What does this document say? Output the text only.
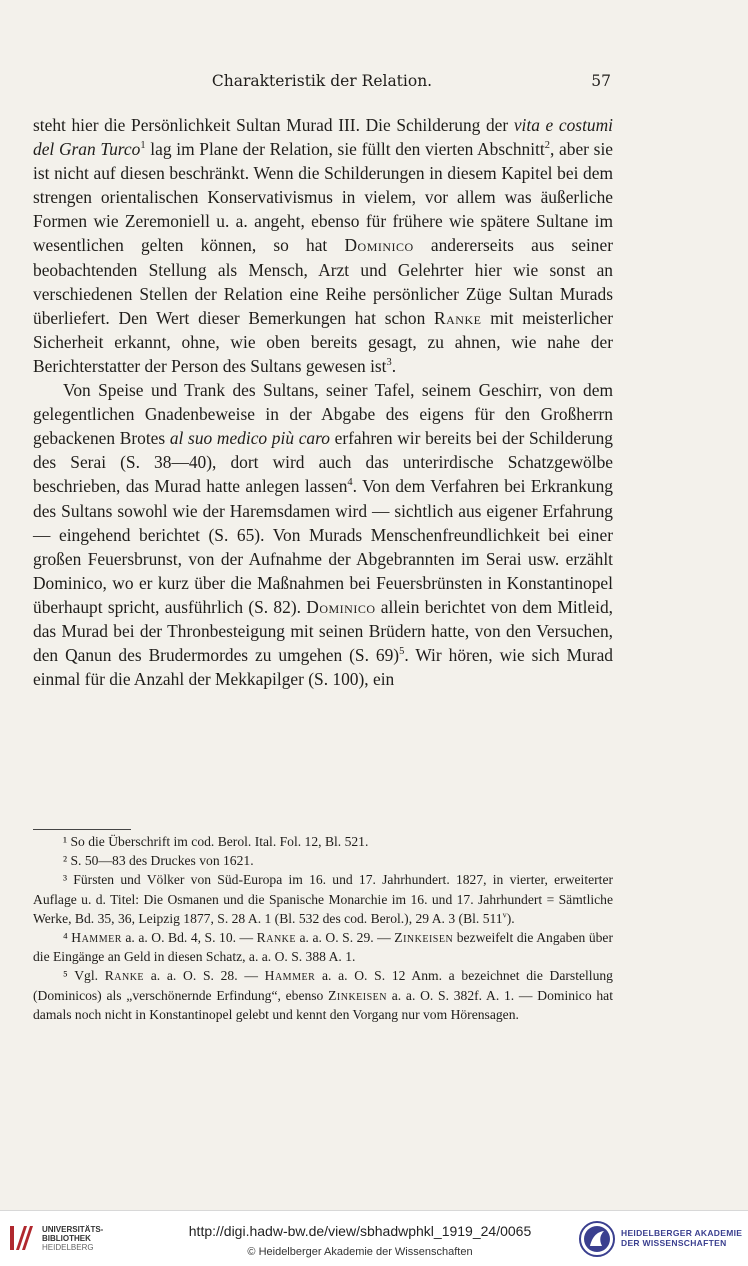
Charakteristik der Relation.	57

steht hier die Persönlichkeit Sultan Murad III. Die Schilderung der vita e costumi del Gran Turco$^1$ lag im Plane der Relation, sie füllt den vierten Abschnitt$^2$, aber sie ist nicht auf diesen beschränkt. Wenn die Schilderungen in diesem Kapitel bei dem strengen orientalischen Konservativismus in vielem, vor allem was äußerliche Formen wie Zeremoniell u. a. angeht, ebenso für frühere wie spätere Sultane im wesentlichen gelten können, so hat Dominico andererseits aus seiner beobachtenden Stellung als Mensch, Arzt und Gelehrter hier wie sonst an verschiedenen Stellen der Relation eine Reihe persönlicher Züge Sultan Murads überliefert. Den Wert dieser Bemerkungen hat schon Ranke mit meisterlicher Sicherheit erkannt, ohne, wie oben bereits gesagt, zu ahnen, wie nahe der Berichterstatter der Person des Sultans gewesen ist$^3$.

Von Speise und Trank des Sultans, seiner Tafel, seinem Geschirr, von dem gelegentlichen Gnadenbeweise in der Abgabe des eigens für den Großherrn gebackenen Brotes al suo medico più caro erfahren wir bereits bei der Schilderung des Serai (S. 38—40), dort wird auch das unterirdische Schatzgewölbe beschrieben, das Murad hatte anlegen lassen$^4$. Von dem Verfahren bei Erkrankung des Sultans sowohl wie der Haremsdamen wird — sichtlich aus eigener Erfahrung — eingehend berichtet (S. 65). Von Murads Menschenfreundlichkeit bei einer großen Feuersbrunst, von der Aufnahme der Abgebrannten im Serai usw. erzählt Dominico, wo er kurz über die Maßnahmen bei Feuersbrünsten in Konstantinopel überhaupt spricht, ausführlich (S. 82). Dominico allein berichtet von dem Mitleid, das Murad bei der Thronbesteigung mit seinen Brüdern hatte, von den Versuchen, den Qanun des Brudermordes zu umgehen (S. 69)$^5$. Wir hören, wie sich Murad einmal für die Anzahl der Mekkapilger (S. 100), ein

¹ So die Überschrift im cod. Berol. Ital. Fol. 12, Bl. 521.

² S. 50—83 des Druckes von 1621.

³ Fürsten und Völker von Süd-Europa im 16. und 17. Jahrhundert. 1827, in vierter, erweiterter Auflage u. d. Titel: Die Osmanen und die Spanische Monarchie im 16. und 17. Jahrhundert = Sämtliche Werke, Bd. 35, 36, Leipzig 1877, S. 28 A. 1 (Bl. 532 des cod. Berol.), 29 A. 3 (Bl. 511$^v$).

⁴ Hammer a. a. O. Bd. 4, S. 10. — Ranke a. a. O. S. 29. — Zinkeisen bezweifelt die Angaben über die Eingänge an Geld in diesen Schatz, a. a. O. S. 388 A. 1.

⁵ Vgl. Ranke a. a. O. S. 28. — Hammer a. a. O. S. 12 Anm. a bezeichnet die Darstellung (Dominicos) als „verschönernde Erfindung“, ebenso Zinkeisen a. a. O. S. 382f. A. 1. — Dominico hat damals noch nicht in Konstantinopel gelebt und kennt den Vorgang nur vom Hörensagen.

UNIVERSITÄTS-
BIBLIOTHEK
HEIDELBERG
http://digi.hadw-bw.de/view/sbhadwphkl_1919_24/0065
© Heidelberger Akademie der Wissenschaften
HEIDELBERGER AKADEMIE
DER WISSENSCHAFTEN
